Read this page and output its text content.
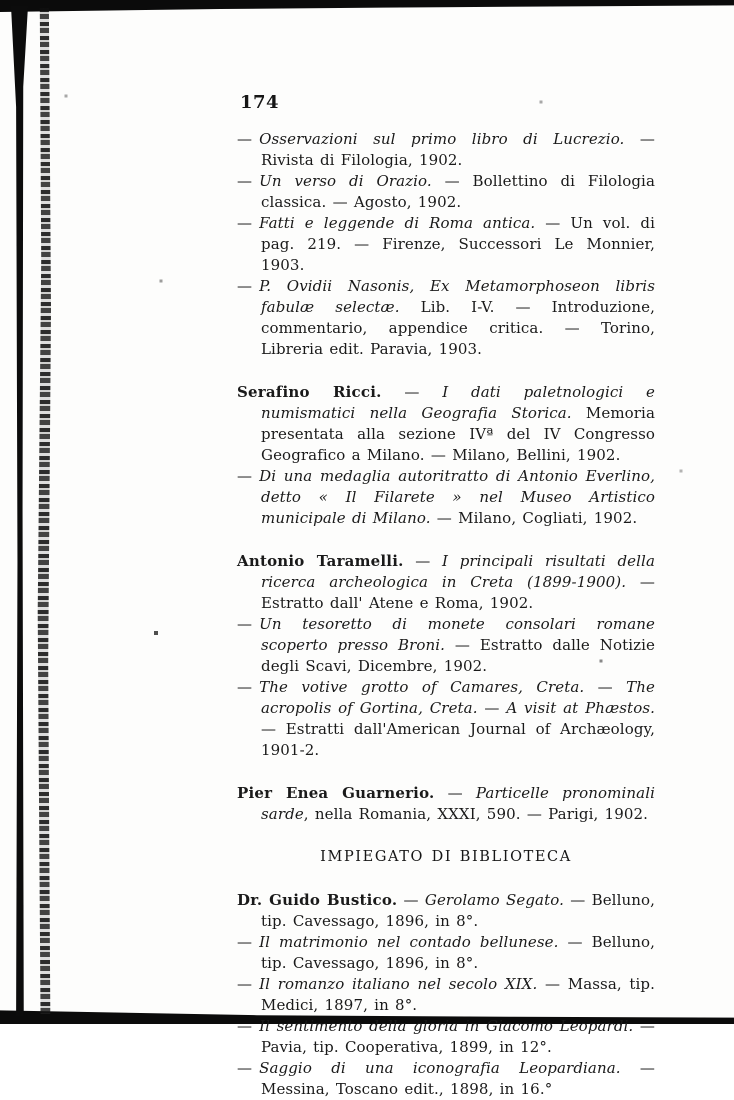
174

— Osservazioni sul primo libro di Lucrezio. — Rivista di Filologia, 1902.

— Un verso di Orazio. — Bollettino di Filologia classica. — Agosto, 1902.

— Fatti e leggende di Roma antica. — Un vol. di pag. 219. — Firenze, Successori Le Monnier, 1903.

— P. Ovidii Nasonis, Ex Metamorphoseon libris fabulæ selectæ. Lib. I-V. — Introduzione, commentario, appendice critica. — Torino, Libreria edit. Paravia, 1903.

Serafino Ricci. — I dati paletnologici e numismatici nella Geografia Storica. Memoria presentata alla sezione IVª del IV Congresso Geografico a Milano. — Milano, Bellini, 1902.

— Di una medaglia autoritratto di Antonio Everlino, detto « Il Filarete » nel Museo Artistico municipale di Milano. — Milano, Cogliati, 1902.

Antonio Taramelli. — I principali risultati della ricerca archeologica in Creta (1899-1900). — Estratto dall' Atene e Roma, 1902.

— Un tesoretto di monete consolari romane scoperto presso Broni. — Estratto dalle Notizie degli Scavi, Dicembre, 1902.

— The votive grotto of Camares, Creta. — The acropolis of Gortina, Creta. — A visit at Phæstos. — Estratti dall'American Journal of Archæology, 1901-2.

Pier Enea Guarnerio. — Particelle pronominali sarde, nella Romania, XXXI, 590. — Parigi, 1902.

IMPIEGATO DI BIBLIOTECA

Dr. Guido Bustico. — Gerolamo Segato. — Belluno, tip. Cavessago, 1896, in 8°.

— Il matrimonio nel contado bellunese. — Belluno, tip. Cavessago, 1896, in 8°.

— Il romanzo italiano nel secolo XIX. — Massa, tip. Medici, 1897, in 8°.

— Il sentimento della gloria in Giacomo Leopardi. — Pavia, tip. Cooperativa, 1899, in 12°.

— Saggio di una iconografia Leopardiana. — Messina, Toscano edit., 1898, in 16.°
